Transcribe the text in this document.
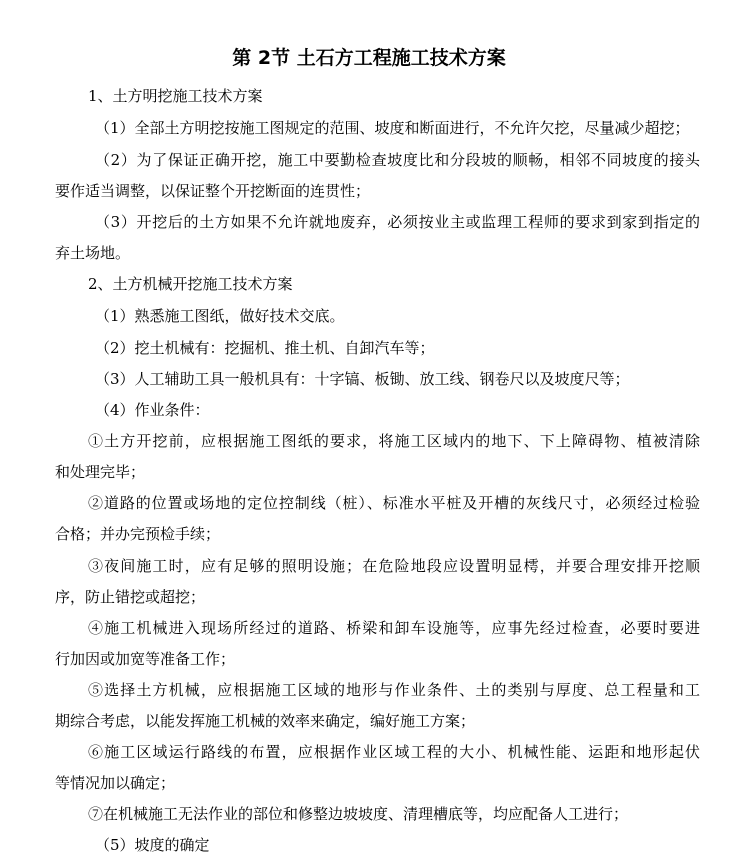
第 2节 土石方工程施工技术方案

1、土方明挖施工技术方案

（1）全部土方明挖按施工图规定的范围、坡度和断面进行，不允许欠挖，尽量减少超挖；

（2）为了保证正确开挖，施工中要勤检查坡度比和分段坡的顺畅，相邻不同坡度的接头

要作适当调整，以保证整个开挖断面的连贯性；

（3）开挖后的土方如果不允许就地废弃，必须按业主或监理工程师的要求到家到指定的

弃土场地。

2、土方机械开挖施工技术方案

（1）熟悉施工图纸，做好技术交底。

（2）挖土机械有：挖掘机、推土机、自卸汽车等；

（3）人工辅助工具一般机具有：十字镐、板锄、放工线、钢卷尺以及坡度尺等；

（4）作业条件：

①土方开挖前，应根据施工图纸的要求，将施工区域内的地下、下上障碍物、植被清除

和处理完毕；

②道路的位置或场地的定位控制线（桩）、标准水平桩及开槽的灰线尺寸，必须经过检验

合格；并办完预检手续；

③夜间施工时，应有足够的照明设施；在危险地段应设置明显樗，并要合理安排开挖顺

序，防止错挖或超挖；

④施工机械进入现场所经过的道路、桥梁和卸车设施等，应事先经过检查，必要时要进

行加因或加宽等准备工作；

⑤选择土方机械，应根据施工区域的地形与作业条件、土的类别与厚度、总工程量和工

期综合考虑，以能发挥施工机械的效率来确定，编好施工方案；

⑥施工区域运行路线的布置，应根据作业区域工程的大小、机械性能、运距和地形起伏

等情况加以确定；

⑦在机械施工无法作业的部位和修整边坡坡度、清理槽底等，均应配备人工进行；

（5）坡度的确定
